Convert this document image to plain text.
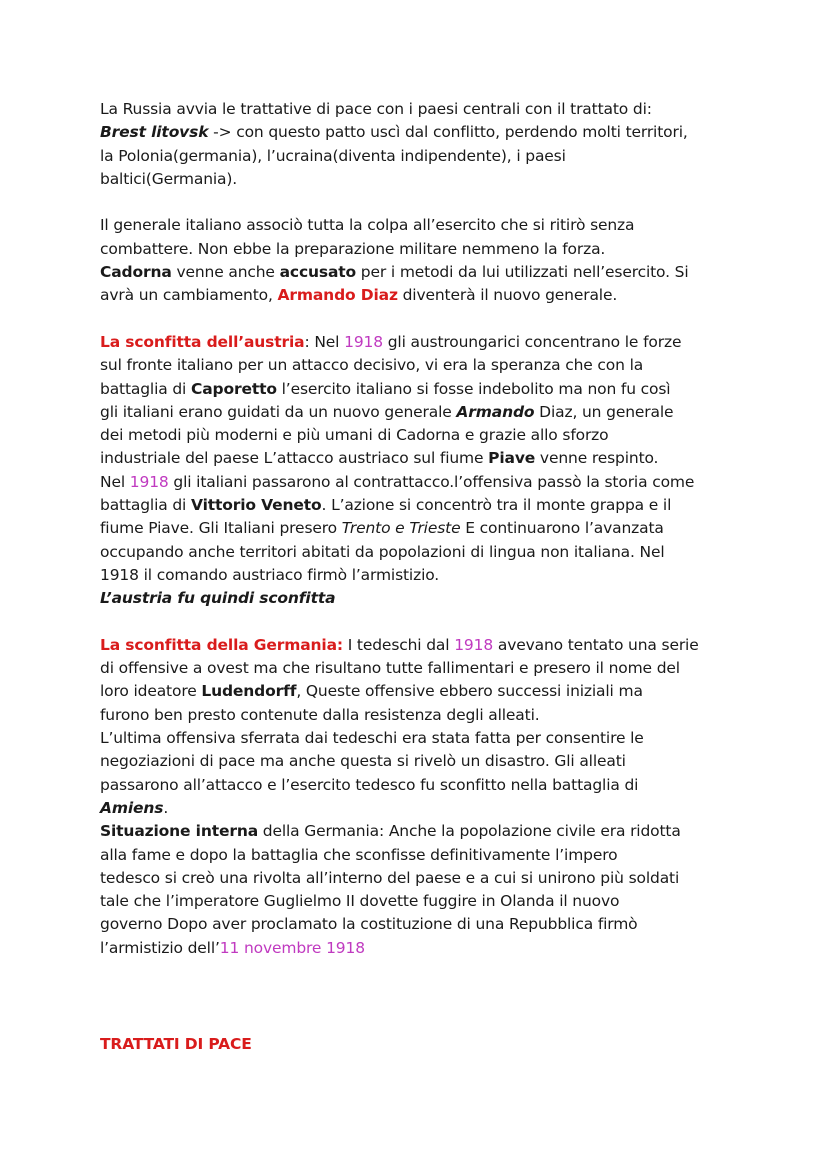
La Russia avvia le trattative di pace con i paesi centrali con il trattato di:

Brest litovsk -> con questo patto uscì dal conflitto, perdendo molti territori,

la Polonia(germania), l’ucraina(diventa indipendente), i paesi

baltici(Germania).

Il generale italiano associò tutta la colpa all’esercito che si ritirò senza

combattere. Non ebbe la preparazione militare nemmeno la forza.

Cadorna venne anche accusato per i metodi da lui utilizzati nell’esercito. Si

avrà un cambiamento, Armando Diaz diventerà il nuovo generale.

La sconfitta dell’austria: Nel 1918 gli austroungarici concentrano le forze

sul fronte italiano per un attacco decisivo, vi era la speranza che con la

battaglia di Caporetto l’esercito italiano si fosse indebolito ma non fu così

gli italiani erano guidati da un nuovo generale Armando Diaz, un generale

dei metodi più moderni e più umani di Cadorna e grazie allo sforzo

industriale del paese L’attacco austriaco sul fiume Piave venne respinto.

Nel 1918 gli italiani passarono al contrattacco.l’offensiva passò la storia come

battaglia di Vittorio Veneto. L’azione si concentrò tra il monte grappa e il

fiume Piave. Gli Italiani presero Trento e Trieste E continuarono l’avanzata

occupando anche territori abitati da popolazioni di lingua non italiana. Nel

1918 il comando austriaco firmò l’armistizio.

L’austria fu quindi sconfitta

La sconfitta della Germania: I tedeschi dal 1918 avevano tentato una serie

di offensive a ovest ma che risultano tutte fallimentari e presero il nome del

loro ideatore Ludendorff, Queste offensive ebbero successi iniziali ma

furono ben presto contenute dalla resistenza degli alleati.

L’ultima offensiva sferrata dai tedeschi era stata fatta per consentire le

negoziazioni di pace ma anche questa si rivelò un disastro. Gli alleati

passarono all’attacco e l’esercito tedesco fu sconfitto nella battaglia di

Amiens.

Situazione interna della Germania: Anche la popolazione civile era ridotta

alla fame e dopo la battaglia che sconfisse definitivamente l’impero

tedesco si creò una rivolta all’interno del paese e a cui si unirono più soldati

tale che l’imperatore Guglielmo II dovette fuggire in Olanda il nuovo

governo Dopo aver proclamato la costituzione di una Repubblica firmò

l’armistizio dell’11 novembre 1918

TRATTATI DI PACE
